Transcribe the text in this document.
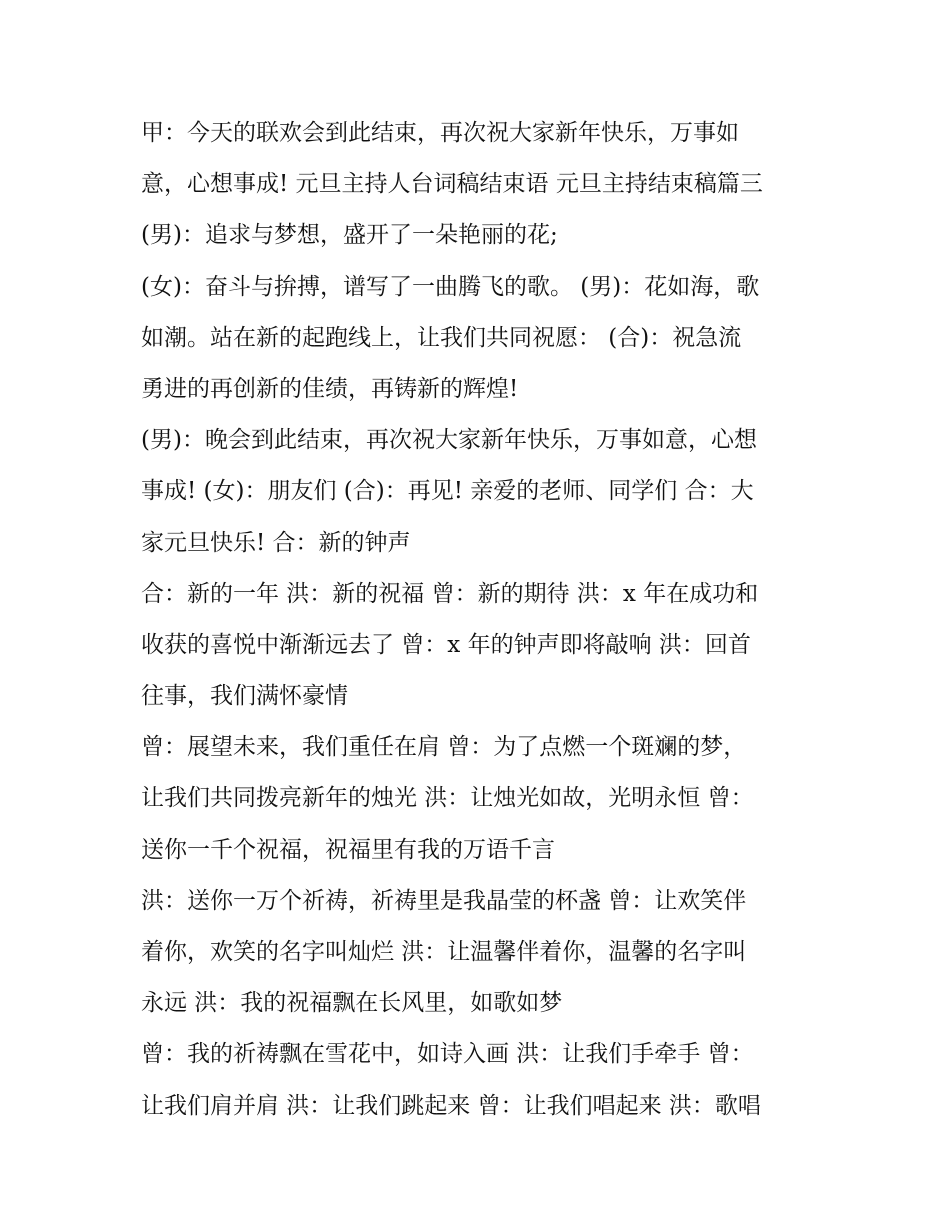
甲：今天的联欢会到此结束，再次祝大家新年快乐，万事如
意，心想事成! 元旦主持人台词稿结束语 元旦主持结束稿篇三
(男)：追求与梦想，盛开了一朵艳丽的花;
(女)：奋斗与拚搏，谱写了一曲腾飞的歌。 (男)：花如海，歌
如潮。站在新的起跑线上，让我们共同祝愿： (合)：祝急流
勇进的再创新的佳绩，再铸新的辉煌!
(男)：晚会到此结束，再次祝大家新年快乐，万事如意，心想
事成! (女)：朋友们 (合)：再见! 亲爱的老师、同学们 合：大
家元旦快乐! 合：新的钟声
合：新的一年 洪：新的祝福 曾：新的期待 洪：x 年在成功和
收获的喜悦中渐渐远去了 曾：x 年的钟声即将敲响 洪：回首
往事，我们满怀豪情
曾：展望未来，我们重任在肩 曾：为了点燃一个斑斓的梦，
让我们共同拨亮新年的烛光 洪：让烛光如故，光明永恒 曾：
送你一千个祝福，祝福里有我的万语千言
洪：送你一万个祈祷，祈祷里是我晶莹的杯盏 曾：让欢笑伴
着你，欢笑的名字叫灿烂 洪：让温馨伴着你，温馨的名字叫
永远 洪：我的祝福飘在长风里，如歌如梦
曾：我的祈祷飘在雪花中，如诗入画 洪：让我们手牵手 曾：
让我们肩并肩 洪：让我们跳起来 曾：让我们唱起来 洪：歌唱
